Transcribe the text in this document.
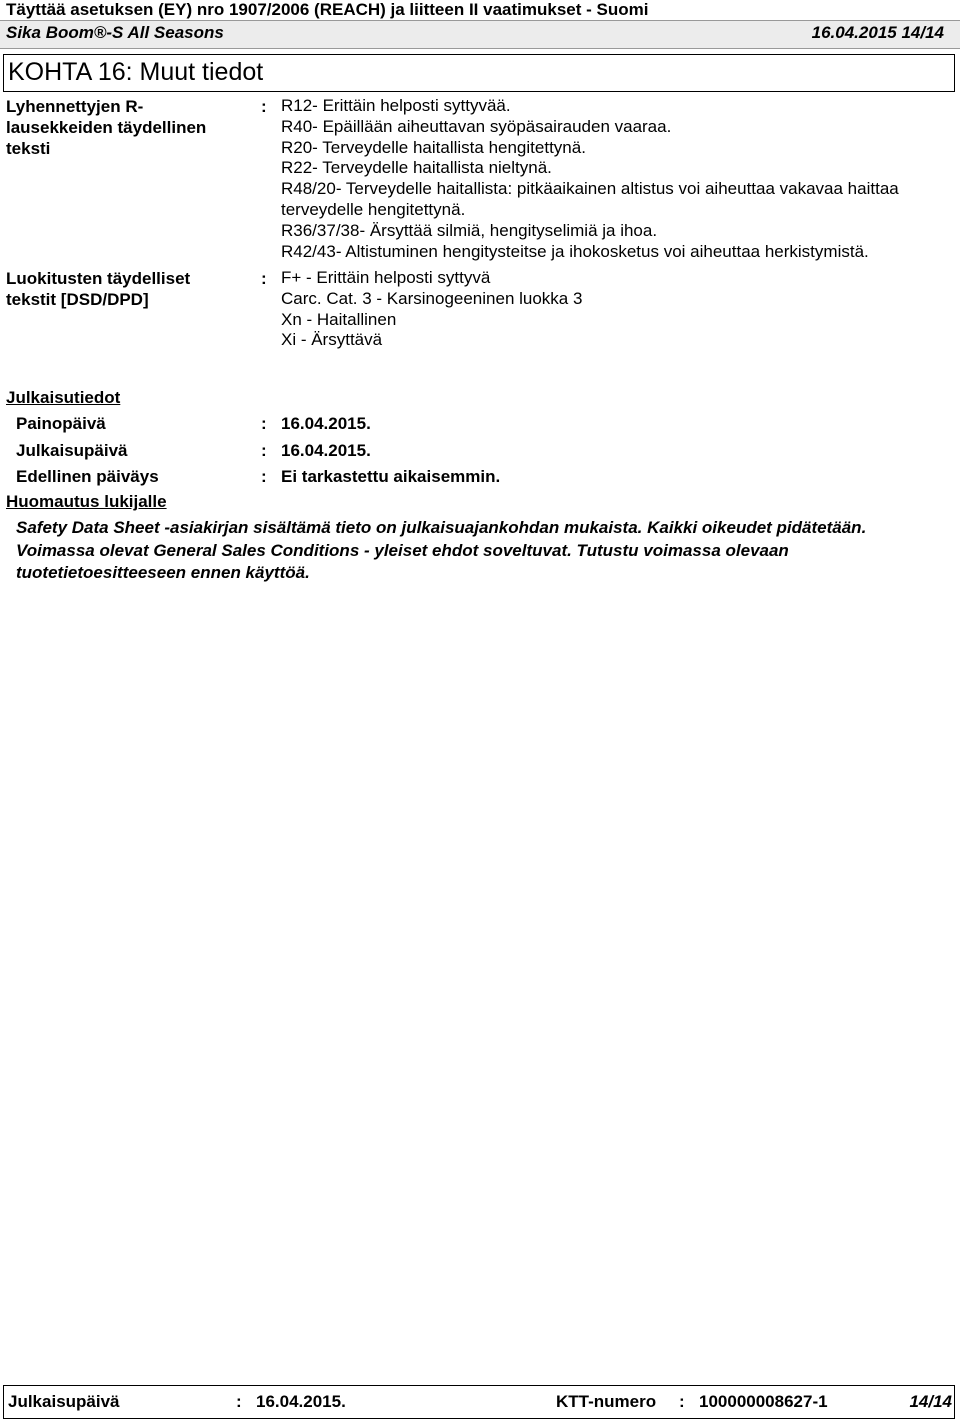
Täyttää asetuksen (EY) nro 1907/2006 (REACH) ja liitteen II vaatimukset - Suomi
Sika Boom®-S All Seasons	16.04.2015 14/14
KOHTA 16: Muut tiedot
Lyhennettyjen R-
lausekkeiden täydellinen
teksti
: R12- Erittäin helposti syttyvää.
R40- Epäillään aiheuttavan syöpäsairauden vaaraa.
R20- Terveydelle haitallista hengitettynä.
R22- Terveydelle haitallista nieltynä.
R48/20- Terveydelle haitallista: pitkäaikainen altistus voi aiheuttaa vakavaa haittaa
terveydelle hengitettynä.
R36/37/38- Ärsyttää silmiä, hengityselimiä ja ihoa.
R42/43- Altistuminen hengitysteitse ja ihokosketus voi aiheuttaa herkistymistä.
Luokitusten täydelliset
tekstit [DSD/DPD]
: F+ - Erittäin helposti syttyvä
Carc. Cat. 3 - Karsinogeeninen luokka 3
Xn - Haitallinen
Xi - Ärsyttävä
Julkaisutiedot
Painopäivä	: 16.04.2015.
Julkaisupäivä	: 16.04.2015.
Edellinen päiväys	: Ei tarkastettu aikaisemmin.
Huomautus lukijalle
Safety Data Sheet -asiakirjan sisältämä tieto on julkaisuajankohdan mukaista. Kaikki oikeudet pidätetään. Voimassa olevat General Sales Conditions - yleiset ehdot soveltuvat. Tutustu voimassa olevaan tuotetietoesitteeseen ennen käyttöä.
Julkaisupäivä	: 16.04.2015.	KTT-numero : 100000008627-1	14/14
